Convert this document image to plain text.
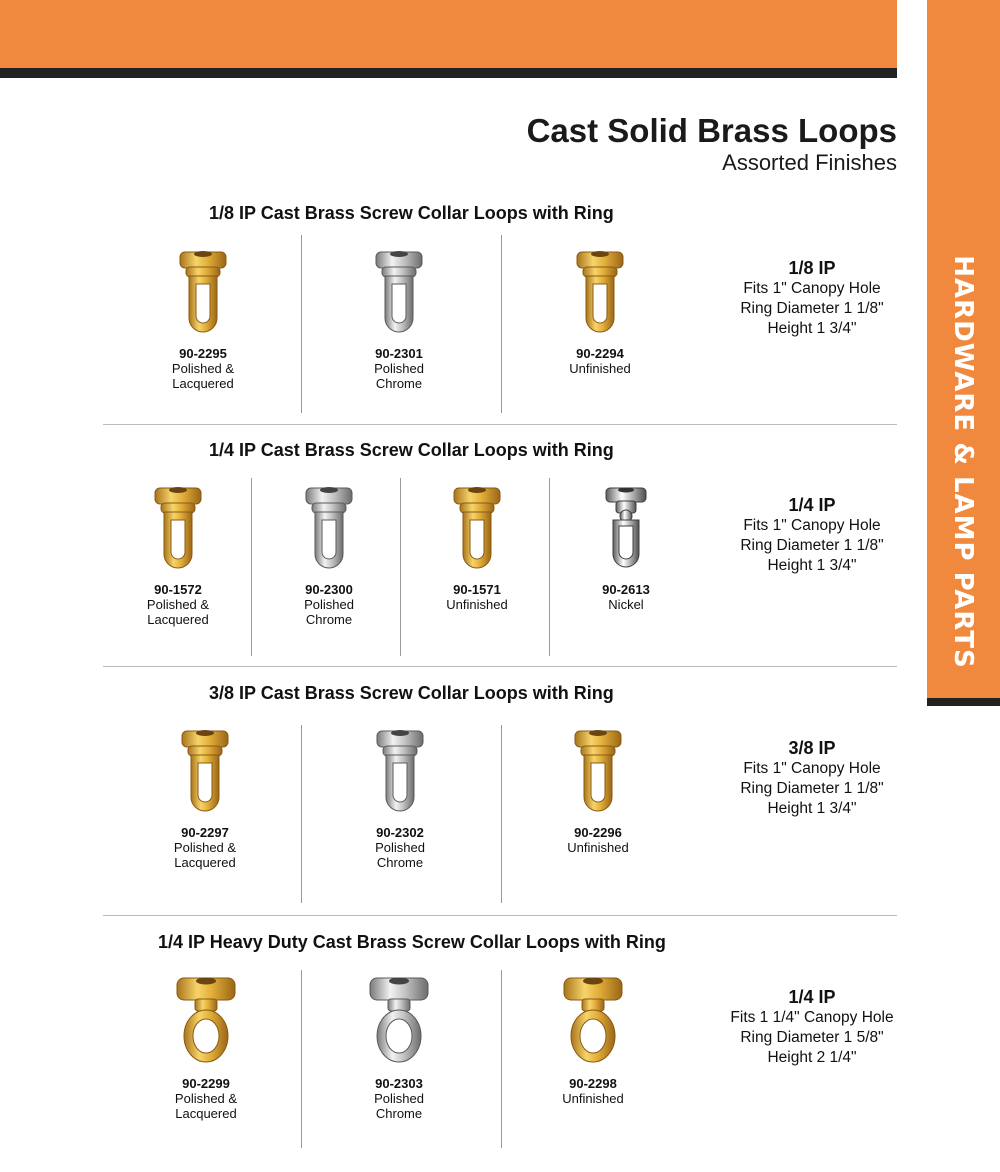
HARDWARE & LAMP PARTS
Cast Solid Brass Loops
Assorted Finishes
1/8 IP Cast Brass Screw Collar Loops with Ring
90-2295
Polished &
Lacquered
90-2301
Polished
Chrome
90-2294
Unfinished
1/8 IP
Fits 1" Canopy Hole
Ring Diameter 1 1/8"
Height 1 3/4"
1/4 IP Cast Brass Screw Collar Loops with Ring
90-1572
Polished &
Lacquered
90-2300
Polished
Chrome
90-1571
Unfinished
90-2613
Nickel
1/4 IP
Fits 1" Canopy Hole
Ring Diameter 1 1/8"
Height 1 3/4"
3/8 IP Cast Brass Screw Collar Loops with Ring
90-2297
Polished &
Lacquered
90-2302
Polished
Chrome
90-2296
Unfinished
3/8 IP
Fits 1" Canopy Hole
Ring Diameter 1 1/8"
Height 1 3/4"
1/4 IP Heavy Duty Cast Brass Screw Collar Loops with Ring
90-2299
Polished &
Lacquered
90-2303
Polished
Chrome
90-2298
Unfinished
1/4 IP
Fits 1 1/4" Canopy Hole
Ring Diameter 1 5/8"
Height 2 1/4"
